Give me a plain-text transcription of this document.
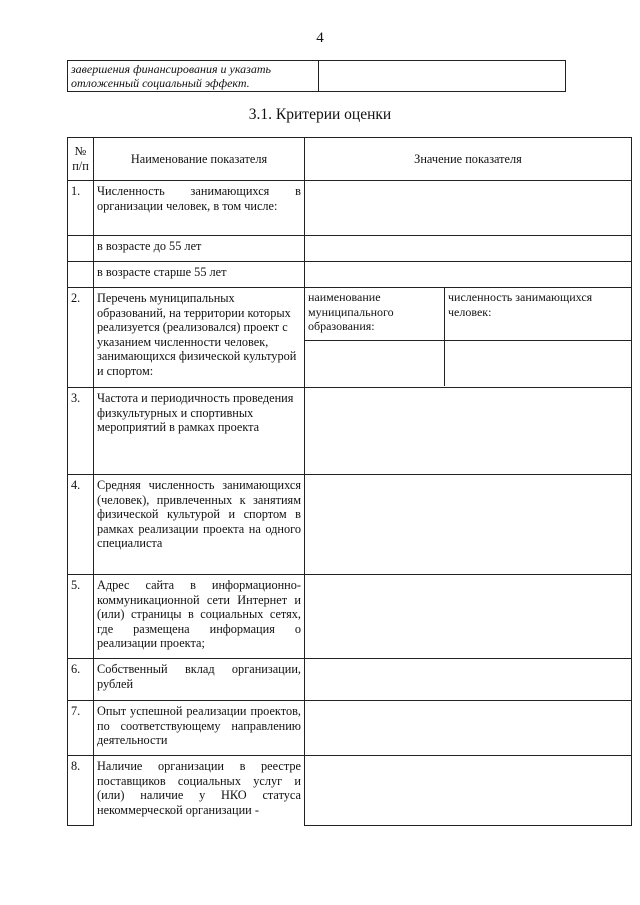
4
завершения финансирования и указать отложенный социальный эффект.	
3.1. Критерии оценки
№ п/п	Наименование показателя	Значение показателя
1.	Численность занимающихся в организации человек, в том числе:	
	в возрасте до 55 лет	
	в возрасте старше 55 лет	
2.	Перечень муниципальных образований, на территории которых реализуется (реализовался) проект с указанием численности человек, занимающихся физической культурой и спортом:	
наименование муниципального образования:	численность занимающихся человек:

3.	Частота и периодичность проведения физкультурных и спортивных мероприятий в рамках проекта	
4.	Средняя численность занимающихся (человек), привлеченных к занятиям физической культурой и спортом в рамках реализации проекта на одного специалиста	
5.	Адрес сайта в информационно-коммуникационной сети Интернет и (или) страницы в социальных сетях, где размещена информация о реализации проекта;	
6.	Собственный вклад организации, рублей	
7.	Опыт успешной реализации проектов, по соответствующему направлению деятельности	
8.	Наличие организации в реестре поставщиков социальных услуг и (или) наличие у НКО статуса некоммерческой организации -	
